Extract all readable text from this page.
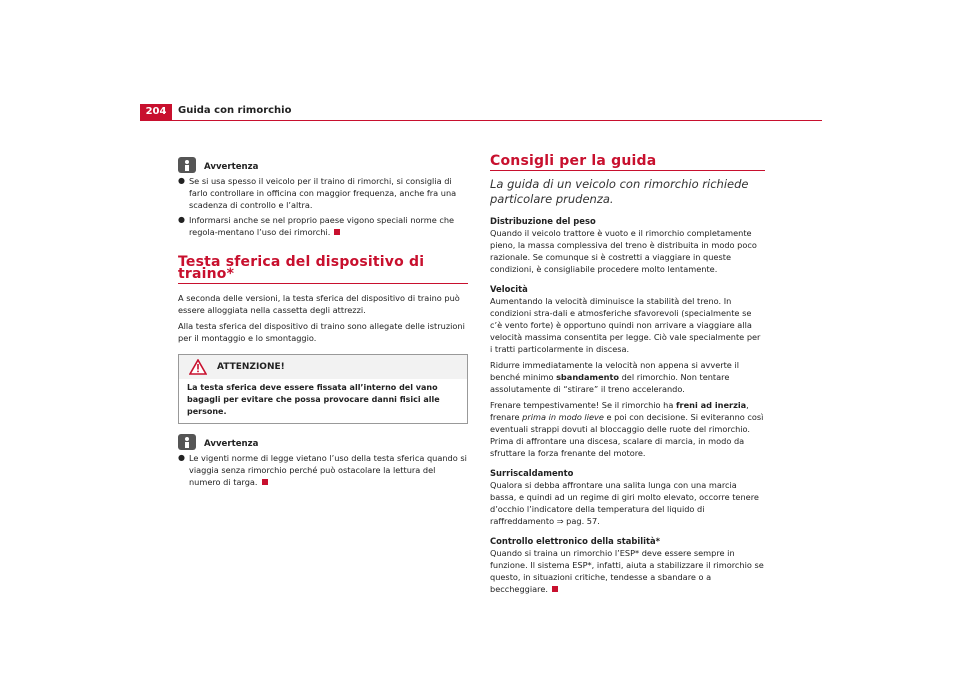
204	Guida con rimorchio
Avvertenza
● Se si usa spesso il veicolo per il traino di rimorchi, si consiglia di farlo controllare in officina con maggior frequenza, anche fra una scadenza di controllo e l’altra.
● Informarsi anche se nel proprio paese vigono speciali norme che regola-mentano l’uso dei rimorchi.
Testa sferica del dispositivo di traino*

A seconda delle versioni, la testa sferica del dispositivo di traino può essere alloggiata nella cassetta degli attrezzi.

Alla testa sferica del dispositivo di traino sono allegate delle istruzioni per il montaggio e lo smontaggio.

ATTENZIONE!
La testa sferica deve essere fissata all’interno del vano bagagli per evitare che possa provocare danni fisici alle persone.
Avvertenza
● Le vigenti norme di legge vietano l’uso della testa sferica quando si viaggia senza rimorchio perché può ostacolare la lettura del numero di targa.
Consigli per la guida
La guida di un veicolo con rimorchio richiede particolare prudenza.
Distribuzione del peso

Quando il veicolo trattore è vuoto e il rimorchio completamente pieno, la massa complessiva del treno è distribuita in modo poco razionale. Se comunque si è costretti a viaggiare in queste condizioni, è consigliabile procedere molto lentamente.

Velocità

Aumentando la velocità diminuisce la stabilità del treno. In condizioni stra-dali e atmosferiche sfavorevoli (specialmente se c’è vento forte) è opportuno quindi non arrivare a viaggiare alla velocità massima consentita per legge. Ciò vale specialmente per i tratti particolarmente in discesa.

Ridurre immediatamente la velocità non appena si avverte il benché minimo sbandamento del rimorchio. Non tentare assolutamente di “stirare” il treno accelerando.

Frenare tempestivamente! Se il rimorchio ha freni ad inerzia, frenare prima in modo lieve e poi con decisione. Si eviteranno così eventuali strappi dovuti al bloccaggio delle ruote del rimorchio. Prima di affrontare una discesa, scalare di marcia, in modo da sfruttare la forza frenante del motore.

Surriscaldamento

Qualora si debba affrontare una salita lunga con una marcia bassa, e quindi ad un regime di giri molto elevato, occorre tenere d’occhio l’indicatore della temperatura del liquido di raffreddamento ⇒ pag. 57.

Controllo elettronico della stabilità*

Quando si traina un rimorchio l’ESP* deve essere sempre in funzione. Il sistema ESP*, infatti, aiuta a stabilizzare il rimorchio se questo, in situazioni critiche, tendesse a sbandare o a beccheggiare.
